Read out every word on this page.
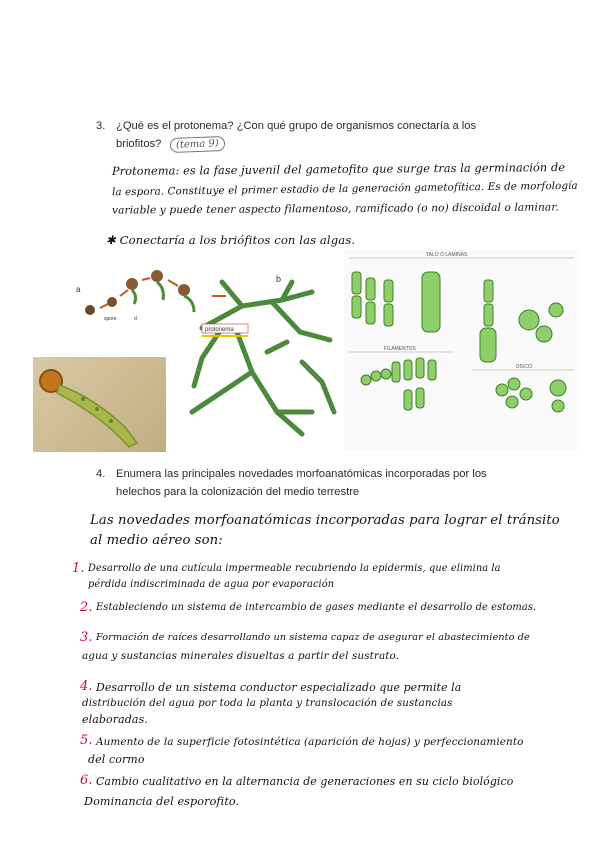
3. ¿Qué es el protonema? ¿Con qué grupo de organismos conectaría a los
briofitos?	(tema 9)
Protonema: es la fase juvenil del gametofito que surge tras la germinación de
la espora. Constituye el primer estadio de la generación gametofítica. Es de morfología
variable y puede tener aspecto filamentoso, ramificado (o no) discoidal o laminar.
✱ Conectaría a los briófitos con las algas.
a
b
spore	d
protonema
TALO O LÁMINAS
FILAMENTOS
DISCO
4. Enumera las principales novedades morfoanatómicas incorporadas por los
helechos para la colonización del medio terrestre
Las novedades morfoanatómicas incorporadas para lograr el tránsito
al medio aéreo son:
1. Desarrollo de una cutícula impermeable recubriendo la epidermis, que elimina la
pérdida indiscriminada de agua por evaporación
2. Estableciendo un sistema de intercambio de gases mediante el desarrollo de estomas.
3. Formación de raíces desarrollando un sistema capaz de asegurar el abastecimiento de
agua y sustancias minerales disueltas a partir del sustrato.
4. Desarrollo de un sistema conductor especializado que permite la
distribución del agua por toda la planta y translocación de sustancias
elaboradas.
5. Aumento de la superficie fotosintética (aparición de hojas) y perfeccionamiento
del cormo
6. Cambio cualitativo en la alternancia de generaciones en su ciclo biológico
Dominancia del esporofito.
